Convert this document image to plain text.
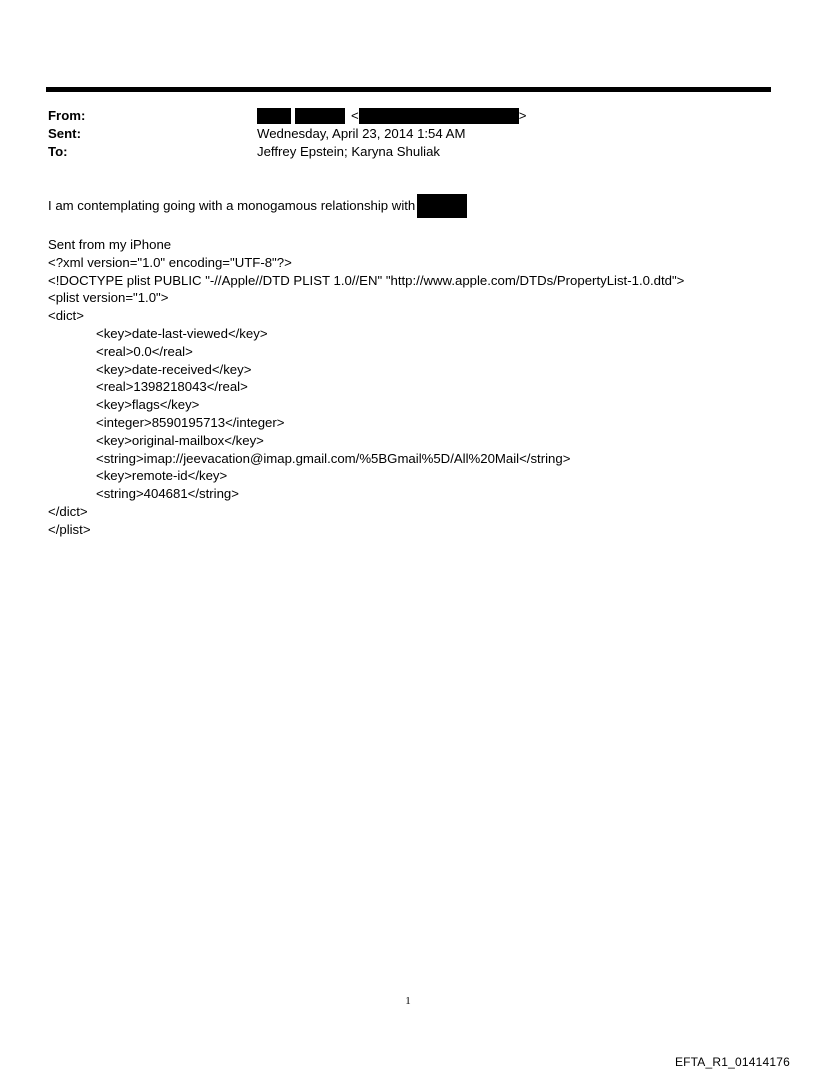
From:	<	>
Sent:	Wednesday, April 23, 2014 1:54 AM
To:	Jeffrey Epstein; Karyna Shuliak
I am contemplating going with a monogamous relationship with
Sent from my iPhone
<?xml version="1.0" encoding="UTF-8"?>
<!DOCTYPE plist PUBLIC "-//Apple//DTD PLIST 1.0//EN" "http://www.apple.com/DTDs/PropertyList-1.0.dtd">
<plist version="1.0">
<dict>
<key>date-last-viewed</key>
<real>0.0</real>
<key>date-received</key>
<real>1398218043</real>
<key>flags</key>
<integer>8590195713</integer>
<key>original-mailbox</key>
<string>imap://jeevacation@imap.gmail.com/%5BGmail%5D/All%20Mail</string>
<key>remote-id</key>
<string>404681</string>
</dict>
</plist>
1
EFTA_R1_01414176
